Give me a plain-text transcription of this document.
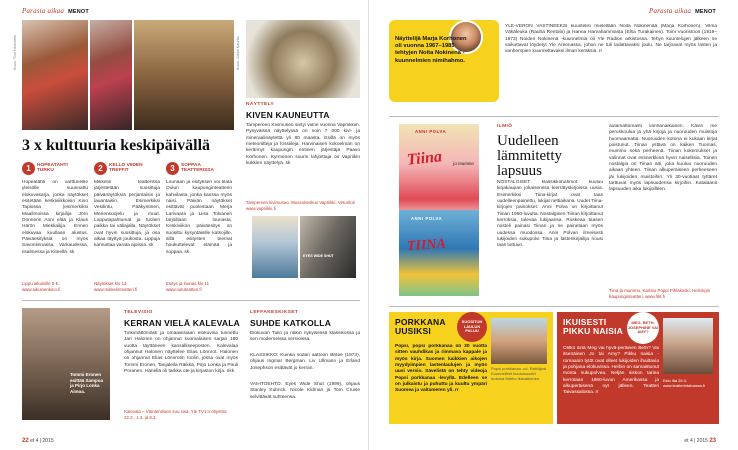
Parasta aikaa MENOT
Kuva: Toni Härkönen	Kuva: Jukka Kaurila
3 x kulttuuria keskipäivällä
1	HOPEATÄHTI
TURKU
Hopeatähti on varttuneille yleisölle suunnattu elokuvasarja, jonka näytökset esitetään keskiviikkoisin Kino Tapiossa (esimerkiksi Maailmoissa kirjailija Jörn Donnerin Anni elää ja Klaus Härön Miekkailija. Ennen elokuvaa kuullaan alustus. Päiväesityksiä on myös Savonlinnassa, Varkaudessa, Iisalmessa ja Kiteellä. sk
Lippu aikuisille 5 €
www.aikuinenkino.fi
2	KELLO VIIDEN
TREFFIT
Mikkelin teatterissa järjestetään suosittuja päivänäytöksiä perjantaisin ja lauantaisin. Esimerkiksi Vesilintu, Pääkyntinen, Meriensuojelu ja muut. Lopputapahtumat ja tuolien paikka tai väliajalla. Näytökset ovat hyvin suosittuja, ja osa alkaa täyttyä joukosta. Lippuja kannattaa varata ajoissa. sk
Näytökset klo 13.
www.mikkelinteatteri.fi
3	SOPPAA
TEATTERISSA
Lounaan ja esityksen voi tilata Oulun kaupunginteatterin kahvilasta, jonka kanssa myös naisi. Päivän näytökset esittävät puolestaan Merja Larivaara ja Liisa Tolvanen tarjoillaan lounasta. Keskiviikon päiväesitys on suosittu kysyntäisille katsojille, sillä esitysten teemat houkuttelevat elämää ja soppaa. sk
Esitys ja lounas klo 11
www.ouluteatteri.fi
NÄYTTELY
KIVEN KAUNEUTTA
Tampereen Kivimuseo siirtyi viime vuonna Vapriikkiin. Pysyväissä näyttelyssä on noin 7 000 kivi- ja mineraalinäytettä yli 80 maasta. Esillä on myös meteoriitteja ja fossiileja. Harvinaisen kokoelman on kerännyt kaupungin entinen järjestäjä Paavo Korhonen. Kyrmenen suurin lahjoittaja on Vapriikin kukkien näyttelyä. sk
Tampereen kivimuseo, Museokeskus Vapriikki, Veturitori www.vapriikki.fi
EYES WIDE SHUT
Tommi Eronen esittää Sampoa ja Pirjo Lonka Aimoa.
TELEVISIO
KERRAN VIELÄ KALEVALA
Tinkimättömästi ja omaaviisiaan elokuvisa tunnettu Jari Halonen on ohjannut suomalaisen sarjan 180 vuotta täyttäneen kansalliseeposten. Kalevalaa ohjannut Halonen näyttelee Elias Lönnrot. Halonen on ohjannut Elias Lönnrotin roolin, jossa ovat myös Tommi Eronen, Tanjaleila Räikkä, Pirjo Lonka ja Pauli Poranen. Hänellä oli tarkka ote ja kirjaston kirja. rikk
Kalevala – Väinämöisen suu sisä. Yle TV1:n ohjelma 22.2., 1.3. ja 8.3.
LEFFAKESKIKSET
SUHDE KATKOLLA
Elokuvan Tulin ja näkin nykyisessä klassikossa ja sen moderneissa versioissa.
KLASSIKKO: Kuinka sodan aattoon lähtee (1973), ohjaus Ingmar Bergman. Liv Ullmann ja Erland Josephson esittävät jo kerran.
VAIHTOEHTO: Eyes Wide Shut (1999), ohjaus Stanley Kubrick. Nicole Kidman ja Tom Cruise selvittävät suhteensa.
22 et 4 | 2015
Parasta aikaa MENOT
Näyttelijä Marja Korhonen oli vuonna 1967–1985 tehtyjen Noita Nokinenä -kuunnelmien nimihahmo.
YLE-VERON VASTINEEKSI kuuntelisi mielellään Noita Nokinenää (Marja Korhonen), Vilma Väkäleuka (Rauha Rentola) ja Hanna Harvahammasta (Elsa Turakainen). Toini Vuoristoon (1919–1973) Noiden Nokinenä -kuunnelmia oli Yle Radion arkistossa. Tehyn kuuntelujen jälkeen ne vaikuttavat löydetyt Yle Areenassa, johon ne tuli ladattavaksi joulu. Ne tarjoavat myös lasten ja vanhempien kuunneltavaksi ilman keräksiä. rr
ANNI POLVA
Tiina ja mummo
ANNI POLVA
TIINA
ILMIÖ
Uudelleen lämmitetty lapsuus
NOSTALGISET klassikkohahmot kuuluu kirjakaupan jokaisenssa kierrätyskirjoissa uusia. Esimerkiksi Tiina-kirjat ovat taas uudelleenpainettu, lukijat nettiaikana. Uudet Tiina-kirjojen painokset: Anni Polva on kirjoittanut Tiinan 1950-luvulta. Nostalgisen Tiinan kirjoittanut kerroksia, tulevaa lukijaansa. Ruskeaa taasen nosteli painasi Tiinan ja ne painetaan myös uudessa muodossa. Anni Polvan ilmeisesti lukijoiden sukupolvi Tiina ja lastenkirjailija nousi taas tuttuun.
autamattomasti vanhanaikainen. Kävin me peruskoulua ja yhä kirjoja ja nuoruuden muistoja huomaamatta. Nuoruuden kotona ei kukaan kirjat poistunut. Tiinan ystävä on kaiken Tuomas, mummo sekä perheenä. Tiinan kokemukset ja valinnat ovat esimerkkinä hyvin naisellisia. Toinen nostalgia on Tiinan äiti, joka kuuluu nuoruuden aikaan yhteen. Tiinan alkuperäiseen perheeseen jäi lukijoiden muistoihin. Yli 30-vuotiaat tyttäret tarttuvat myös lapsuudensa kirjoihin. Katalaanit lapsuuden aika lukijoilleen.
Tiina ja mummo, Karisto Poppi Pihlakoski, Helsingin kaupunginteatteri, www.hkt.fi
PORKKANA UUSIKSI
SUOSITUN LAULUN PALUU
Popsi porkkanaa -cd. Esittäjinä Kuunnelleet kuuluisuudet tuotuna Marko Ikävalkonen.
Popsi, popsi porkkanaa oli 30 vuotta sitten vauhdikas ja rimmava kappale ja myös kirja. Suomen kaikkien aikojen myydyimpien lastenlaulujen ja myös uusi versio. Sävelistä on tehty videoja Popsi porkkanaa -levyllä. Edelleen se on julkaistu ja puhuttu ja kuultu ympäri Suomea ja valtameren yli. rr
IKUISESTI PIKKU NAISIA
MEG, BETH, JOSEPHINE VAI AMY?
Esio ilta 26.3. www.teatterintaivassa.fi
Olitko sinä Meg vai hyvä-peräinen Beth? Vai itsenäinen Jo tai Amy? Pikku naisia -romaanin tytöt ovat olleet lukijoiden ihailtavia ja pohjana elokuvissa. Heihin on samaistunut monta sukupolvea. Neljän siskon tarina kerrotaan 1860-luvun Amerikassa ja alkuperäisenä nyt jälleen. Teatteri Taivassalossa. rr
et 4 | 2015 23
